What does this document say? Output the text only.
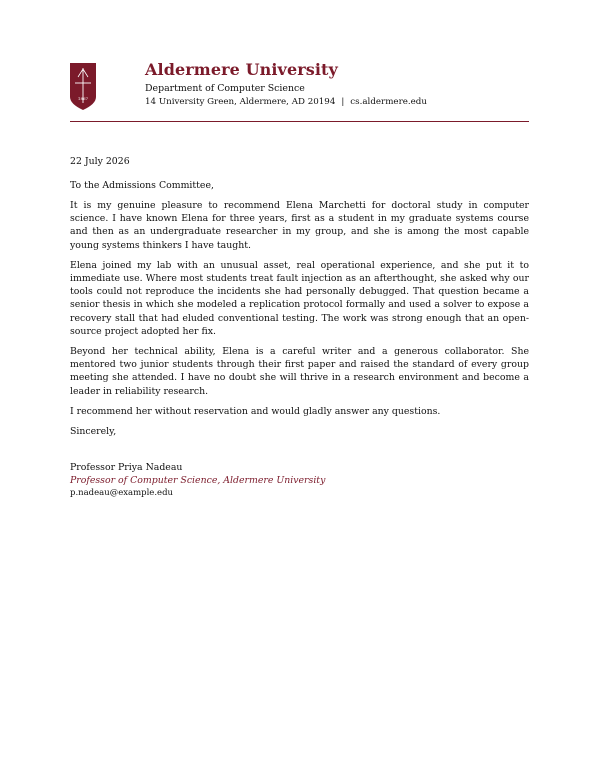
1867
Aldermere University
Department of Computer Science
14 University Green, Aldermere, AD 20194 | cs.aldermere.edu

22 July 2026

To the Admissions Committee,

It is my genuine pleasure to recommend Elena Marchetti for doctoral study in computer science. I have known Elena for three years, first as a student in my graduate systems course and then as an undergraduate researcher in my group, and she is among the most capable young systems thinkers I have taught.

Elena joined my lab with an unusual asset, real operational experience, and she put it to immediate use. Where most students treat fault injection as an afterthought, she asked why our tools could not reproduce the incidents she had personally debugged. That question became a senior thesis in which she modeled a replication protocol formally and used a solver to expose a recovery stall that had eluded conventional testing. The work was strong enough that an open-source project adopted her fix.

Beyond her technical ability, Elena is a careful writer and a generous collaborator. She mentored two junior students through their first paper and raised the standard of every group meeting she attended. I have no doubt she will thrive in a research environment and become a leader in reliability research.

I recommend her without reservation and would gladly answer any questions.

Sincerely,

Professor Priya Nadeau
Professor of Computer Science, Aldermere University
p.nadeau@example.edu
